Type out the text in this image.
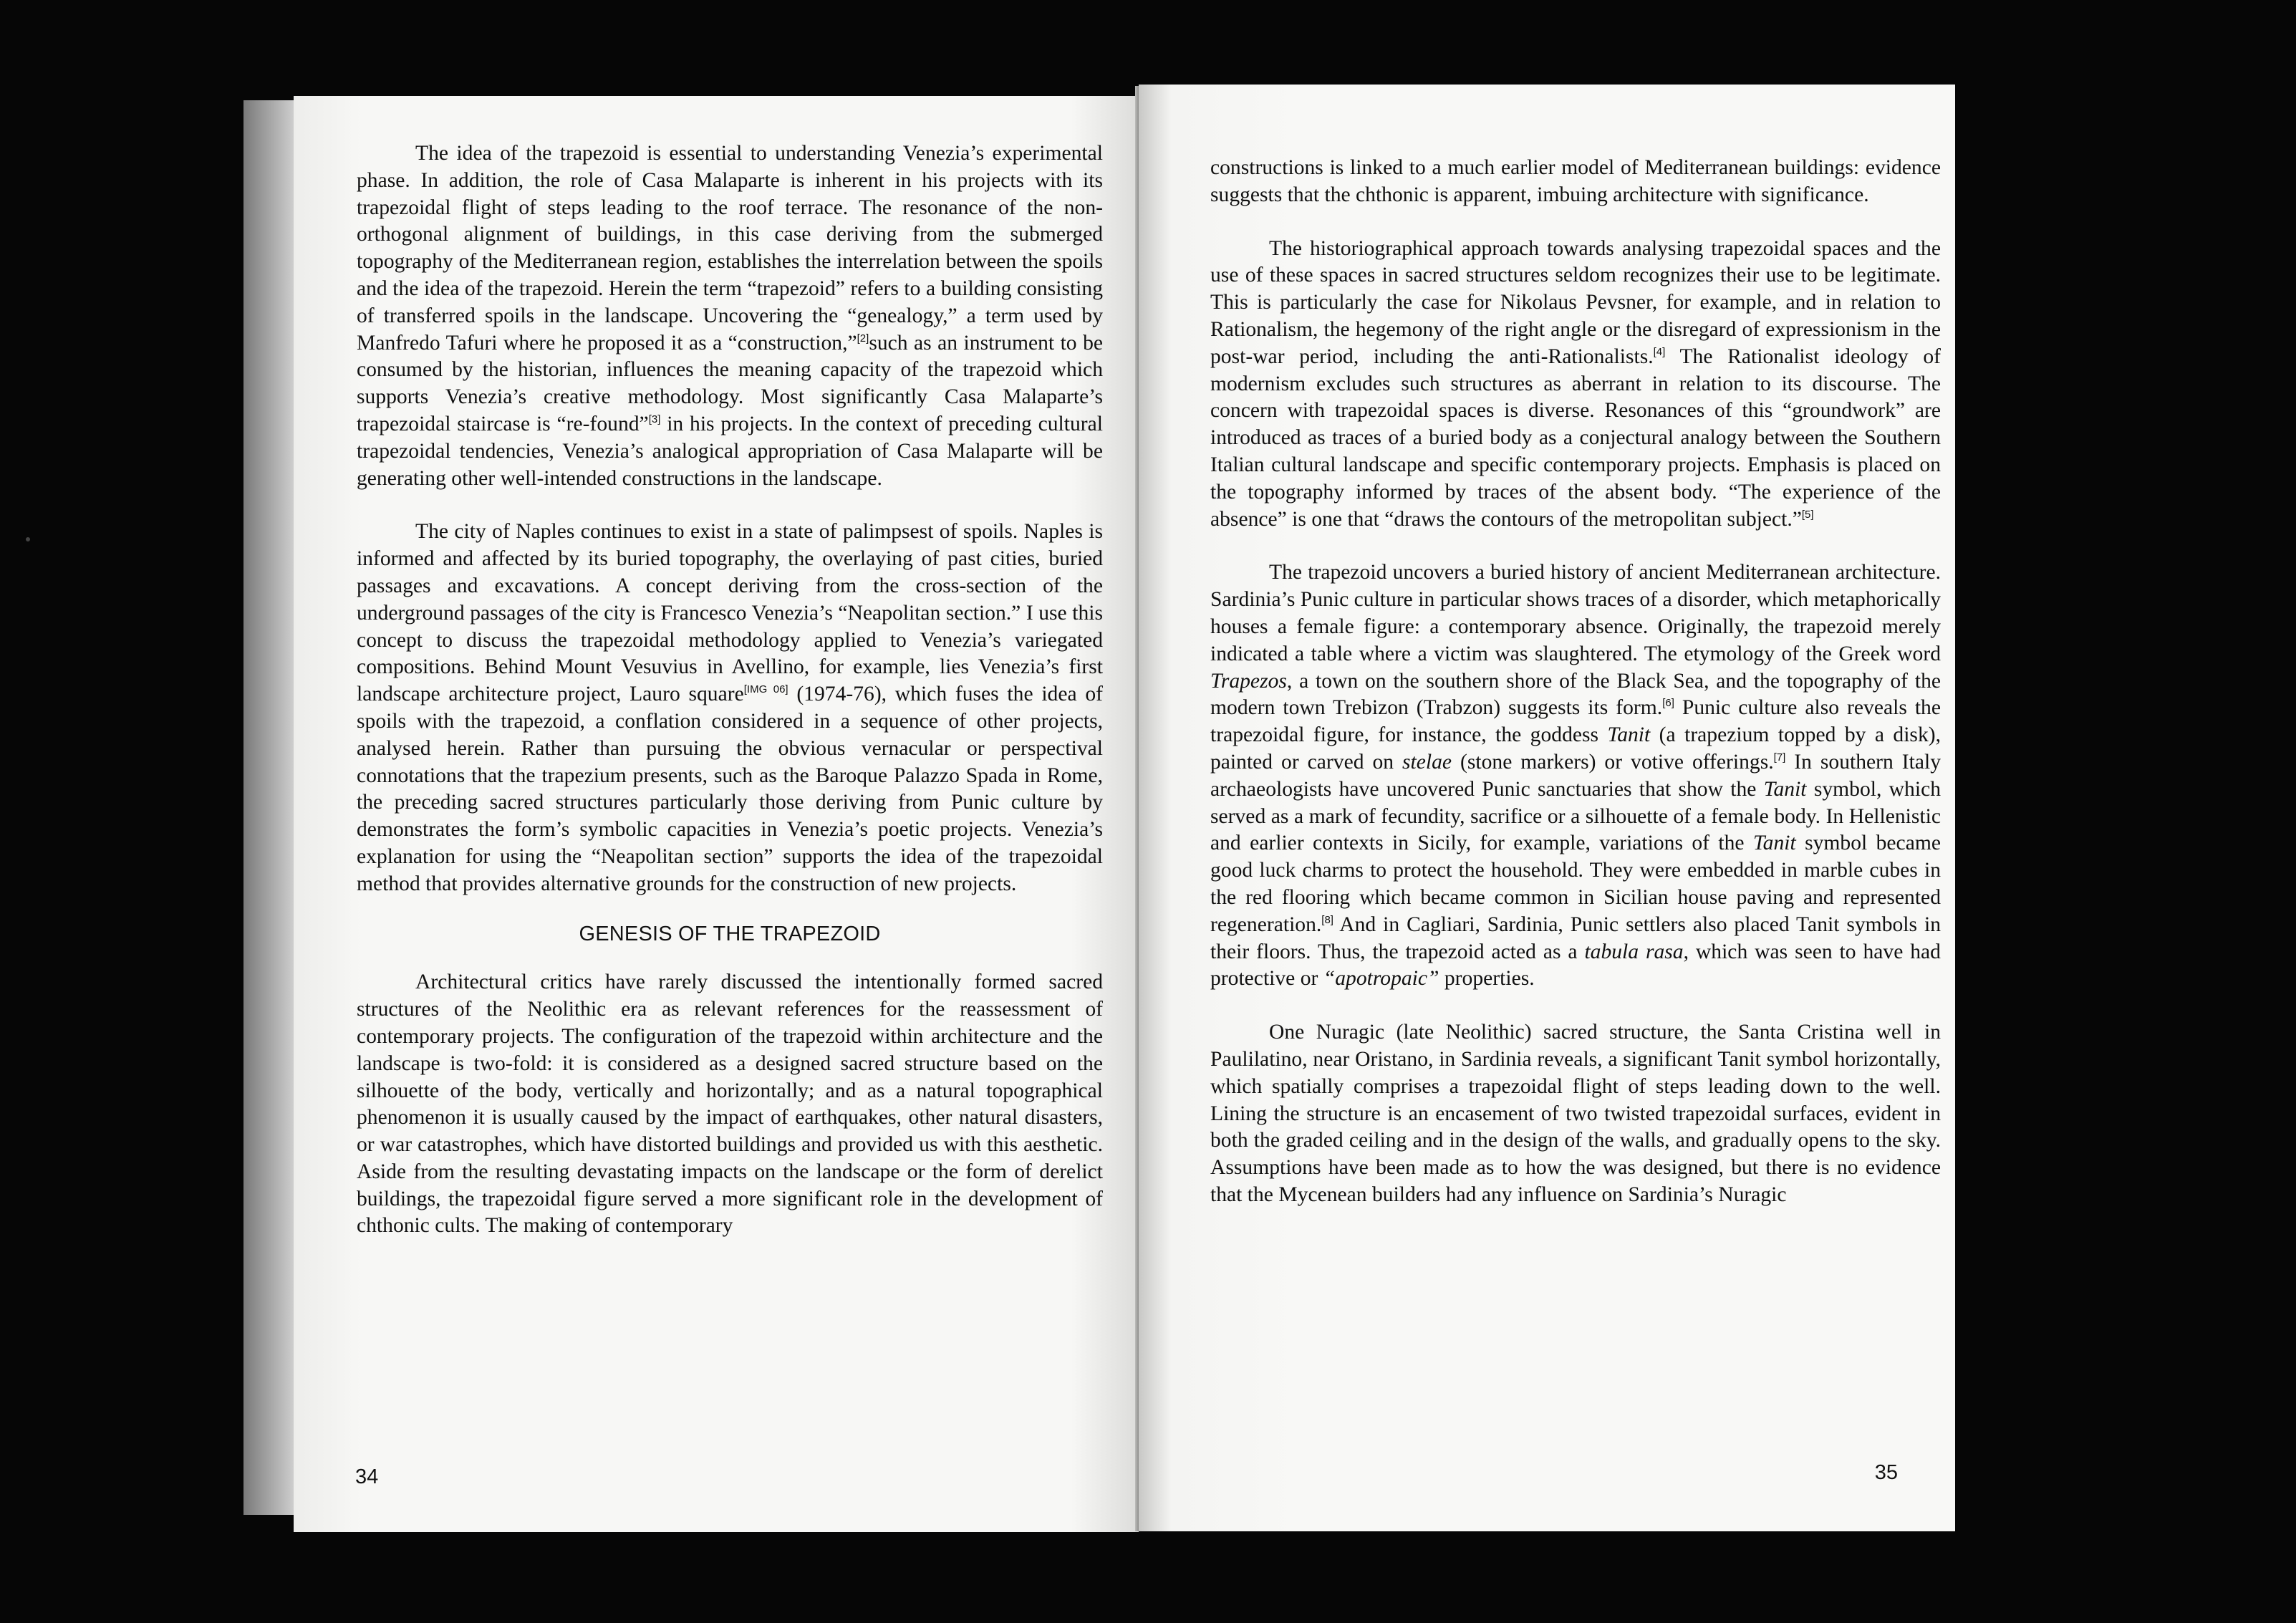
The idea of the trapezoid is essential to understanding Venezia’s experimental phase. In addition, the role of Casa Malaparte is inherent in his projects with its trapezoidal flight of steps leading to the roof terrace. The resonance of the non-orthogonal alignment of buildings, in this case deriving from the submerged topography of the Mediterranean region, establishes the interrelation between the spoils and the idea of the trapezoid. Herein the term “trapezoid” refers to a building consisting of transferred spoils in the landscape. Uncovering the “genealogy,” a term used by Manfredo Tafuri where he proposed it as a “construction,”[2]such as an instrument to be consumed by the historian, influences the meaning capacity of the trapezoid which supports Venezia’s creative methodology. Most significantly Casa Malaparte’s trapezoidal staircase is “re-found”[3] in his projects. In the context of preceding cultural trapezoidal tendencies, Venezia’s analogical appropriation of Casa Malaparte will be generating other well-intended constructions in the landscape.

The city of Naples continues to exist in a state of palimpsest of spoils. Naples is informed and affected by its buried topography, the overlaying of past cities, buried passages and excavations. A concept deriving from the cross-section of the underground passages of the city is Francesco Venezia’s “Neapolitan section.” I use this concept to discuss the trapezoidal methodology applied to Venezia’s variegated compositions. Behind Mount Vesuvius in Avellino, for example, lies Venezia’s first landscape architecture project, Lauro square[IMG 06] (1974-76), which fuses the idea of spoils with the trapezoid, a conflation considered in a sequence of other projects, analysed herein. Rather than pursuing the obvious vernacular or perspectival connotations that the trapezium presents, such as the Baroque Palazzo Spada in Rome, the preceding sacred structures particularly those deriving from Punic culture by demonstrates the form’s symbolic capacities in Venezia’s poetic projects. Venezia’s explanation for using the “Neapolitan section” supports the idea of the trapezoidal method that provides alternative grounds for the construction of new projects.

GENESIS OF THE TRAPEZOID

Architectural critics have rarely discussed the intentionally formed sacred structures of the Neolithic era as relevant references for the reassessment of contemporary projects. The configuration of the trapezoid within architecture and the landscape is two-fold: it is considered as a designed sacred structure based on the silhouette of the body, vertically and horizontally; and as a natural topographical phenomenon it is usually caused by the impact of earthquakes, other natural disasters, or war catastrophes, which have distorted buildings and provided us with this aesthetic. Aside from the resulting devastating impacts on the landscape or the form of derelict buildings, the trapezoidal figure served a more significant role in the development of chthonic cults. The making of contemporary

34

constructions is linked to a much earlier model of Mediterranean buildings: evidence suggests that the chthonic is apparent, imbuing architecture with significance.

The historiographical approach towards analysing trapezoidal spaces and the use of these spaces in sacred structures seldom recognizes their use to be legitimate. This is particularly the case for Nikolaus Pevsner, for example, and in relation to Rationalism, the hegemony of the right angle or the disregard of expressionism in the post-war period, including the anti-Rationalists.[4] The Rationalist ideology of modernism excludes such structures as aberrant in relation to its discourse. The concern with trapezoidal spaces is diverse. Resonances of this “groundwork” are introduced as traces of a buried body as a conjectural analogy between the Southern Italian cultural landscape and specific contemporary projects. Emphasis is placed on the topography informed by traces of the absent body. “The experience of the absence” is one that “draws the contours of the metropolitan subject.”[5]

The trapezoid uncovers a buried history of ancient Mediterranean architecture. Sardinia’s Punic culture in particular shows traces of a disorder, which metaphorically houses a female figure: a contemporary absence. Originally, the trapezoid merely indicated a table where a victim was slaughtered. The etymology of the Greek word Trapezos, a town on the southern shore of the Black Sea, and the topography of the modern town Trebizon (Trabzon) suggests its form.[6] Punic culture also reveals the trapezoidal figure, for instance, the goddess Tanit (a trapezium topped by a disk), painted or carved on stelae (stone markers) or votive offerings.[7] In southern Italy archaeologists have uncovered Punic sanctuaries that show the Tanit symbol, which served as a mark of fecundity, sacrifice or a silhouette of a female body. In Hellenistic and earlier contexts in Sicily, for example, variations of the Tanit symbol became good luck charms to protect the household. They were embedded in marble cubes in the red flooring which became common in Sicilian house paving and represented regeneration.[8] And in Cagliari, Sardinia, Punic settlers also placed Tanit symbols in their floors. Thus, the trapezoid acted as a tabula rasa, which was seen to have had protective or “apotropaic” properties.

One Nuragic (late Neolithic) sacred structure, the Santa Cristina well in Paulilatino, near Oristano, in Sardinia reveals, a significant Tanit symbol horizontally, which spatially comprises a trapezoidal flight of steps leading down to the well. Lining the structure is an encasement of two twisted trapezoidal surfaces, evident in both the graded ceiling and in the design of the walls, and gradually opens to the sky. Assumptions have been made as to how the was designed, but there is no evidence that the Mycenean builders had any influence on Sardinia’s Nuragic

35
